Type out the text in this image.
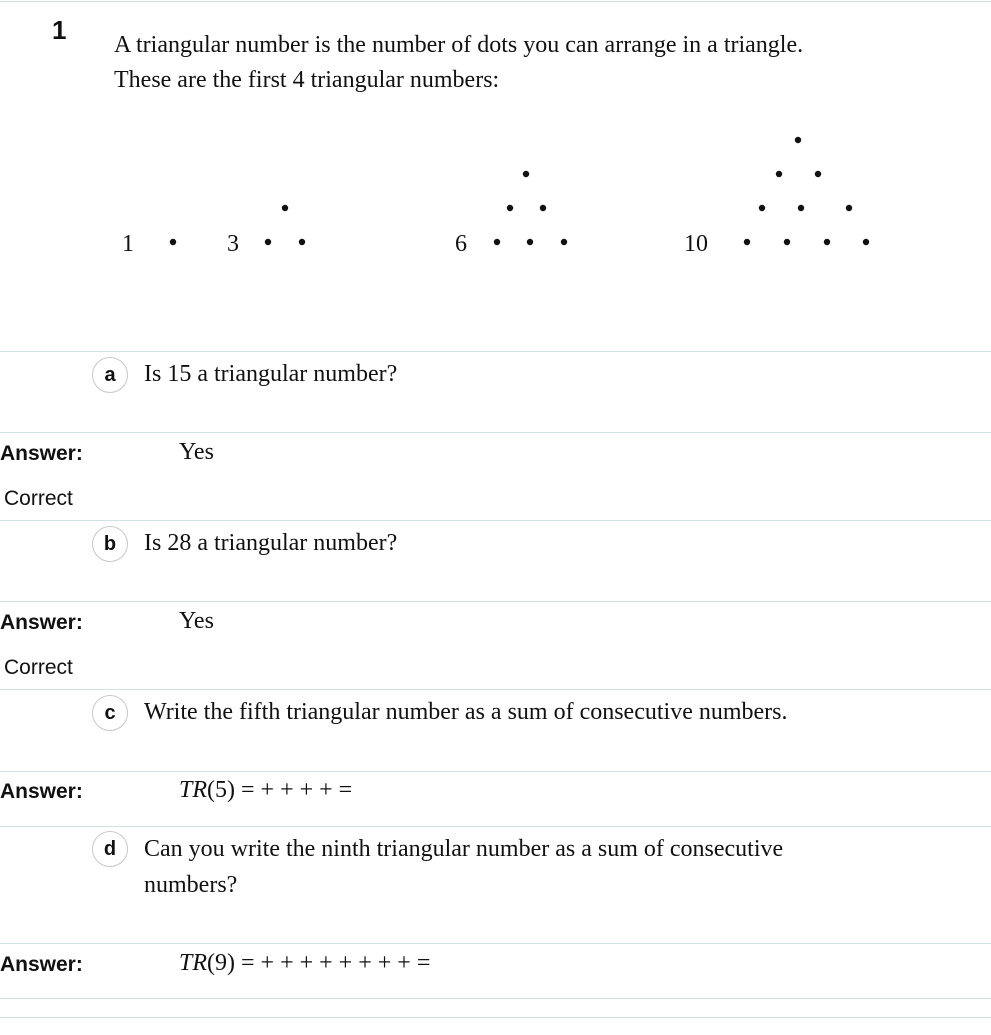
1 A triangular number is the number of dots you can arrange in a triangle.
These are the first 4 triangular numbers:
1	3	6	10
a	Is 15 a triangular number?
Answer:	Yes
Correct
b	Is 28 a triangular number?
Answer:	Yes
Correct
c	Write the fifth triangular number as a sum of consecutive numbers.
Answer:	TR(5) = + + + + =
d	Can you write the ninth triangular number as a sum of consecutive
numbers?
Answer:	TR(9) = + + + + + + + + =
